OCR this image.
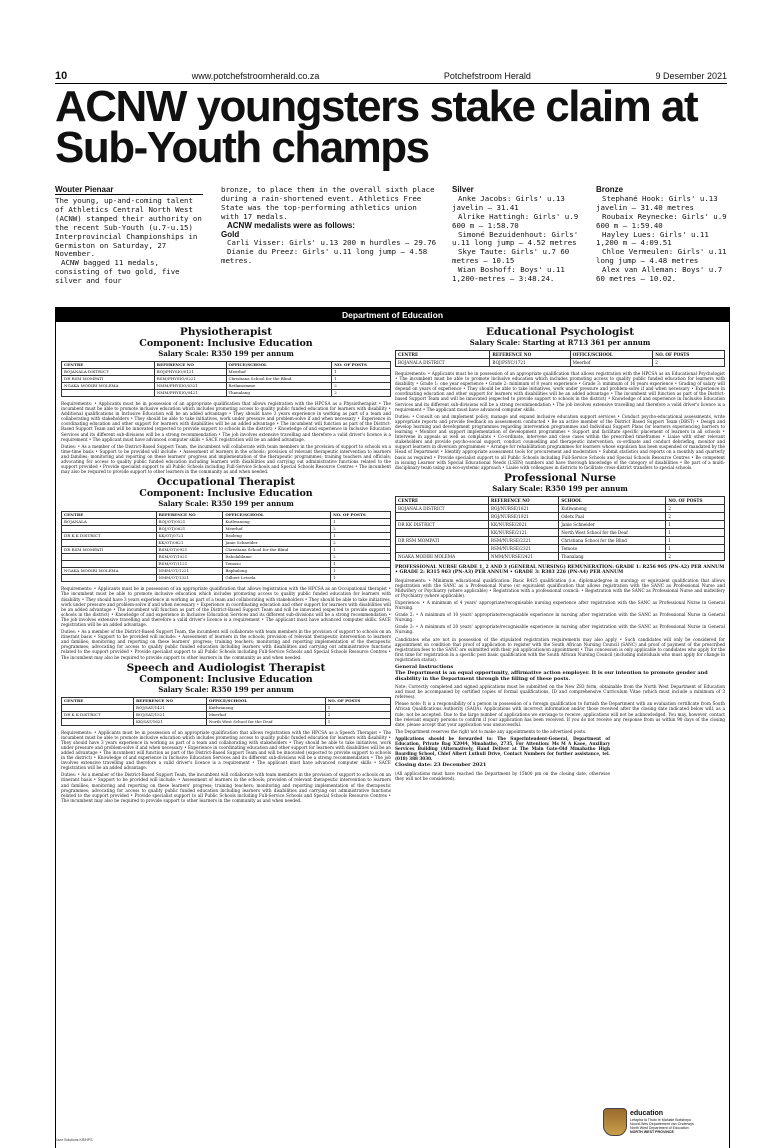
10	www.potchefstroomherald.co.za	Potchefstroom Herald	9 Desember 2021
ACNW youngsters stake claim at Sub-Youth champs
Wouter Pienaar

The young, up-and-coming talent of Athletics Central North West (ACNW) stamped their authority on the recent Sub-Youth (u.7-u.15) Interprovincial Championships in Germiston on Saturday, 27 November.

ACNW bagged 11 medals, consisting of two gold, five silver and four

bronze, to place them in the overall sixth place during a rain-shortened event. Athletics Free State was the top-performing athletics union with 17 medals.

ACNW medalists were as follows:

Gold

Carli Visser: Girls' u.13 200 m hurdles – 29.76

Dianie du Preez: Girls' u.11 long jump – 4.58 metres.

Silver

Anke Jacobs: Girls' u.13 javelin – 31.41

Alrike Hattingh: Girls' u.9 600 m – 1:58.70

Simoné Bezuidenhout: Girls' u.11 long jump – 4.52 metres

Skye Taute: Girls' u.7 60 metres – 10.15

Wian Boshoff: Boys' u.11 1,200-metres – 3:48.24.

Bronze

Stephané Hook: Girls' u.13 javelin – 31.40 metres

Roubaix Reynecke: Girls' u.9 600 m – 1:59.40

Hayley Lues: Girls' u.11 1,200 m – 4:09.51

Chloe Vermeulen: Girls' u.11 long jump – 4.48 metres

Alex van Alleman: Boys' u.7 60 metres – 10.02.

Department of Education
Physiotherapist
Component: Inclusive Education
Salary Scale: R350 199 per annum
CENTRE	REFERENCE NO	OFFICE/SCHOOL	NO. OF POSTS
BOJANALA DISTRICT	BOJ/PHYSIO/0121	Meerhof	1
DR RSM MOMPATI	RSM/PHYSIO/0221	Christiana School for the Blind	1
NGAKA MODIRI MOLEMA	NMM/PHYSIO/0321	Retlamomme	2
	NMM/PHYSIO/0421	Thanalang	2
Requirements: • Applicants must be in possession of an appropriate qualification that allows registration with the HPCSA as a Physiotherapist • The incumbent must be able to promote inclusive education which includes promoting access to quality public funded education for learners with disability • Additional qualifications in Inclusive Education will be an added advantage • They should have 3 years experience in working as part of a team and collaborating with stakeholders • They should be able to take initiatives, work under pressure and problem-solve if and when necessary • Experience in coordinating education and other support for learners with disabilities will be an added advantage • The incumbent will function as part of the District-Based Support Team and will be innovated (expected to provide support to schools in the district) • Knowledge of and experience in Inclusive Education Services and its different sub-divisions will be a strong recommendation • The job involves extensive travelling and therefore a valid driver's licence is a requirement • The applicant must have advanced computer skills • SACE registration will be an added advantage.
Duties: • As a member of the District-Based Support Team, the incumbent will collaborate with team members in the provision of support to schools on a time-time basis • Support to be provided will include: • Assessment of learners in the schools; provision of relevant therapeutic intervention to learners and families; monitoring and reporting on these learners' progress and implementation of the therapeutic programmes; training teachers and officials; advocating for access to quality public funded education including learners with disabilities and carrying out administrative functions related to the support provided • Provide specialist support to all Public Schools including Full-Service Schools and Special Schools Resource Centres • The incumbent may also be required to provide support to other learners in the community as and when needed.
Occupational Therapist
Component: Inclusive Education
Salary Scale: R350 199 per annum
CENTRE	REFERENCE NO	OFFICE/SCHOOL	NO. OF POSTS
BOJANALA	BOJ/OT/0521	Kutlwanong	1
	BOJ/OT/0621	Meerhof	2
DR K K DISTRICT	KK/OT/0721	Itsoleng	1
	KK/OT/0821	Janie Schneider	2
DR RSM MOMPATI	RSM/OT/0921	Christiana School for the Blind	1
	RSM/OT/1021	Itsholahlame	2
	RSM/OT/1121	Temoso	1
NGAKA MODIRI MOLEMA	NMM/OT/1221	Baphalong	1
	NMM/OT/1321	Gilbert Letsela	1
Requirements: • Applicants must be in possession of an appropriate qualification that allows registration with the HPCSA as an Occupational therapist • The incumbent must be able to promote inclusive education which includes promoting access to quality public funded education for learners with disability • They should have 3 years experience in working as part of a team and collaborating with stakeholders • They should be able to take initiatives, work under pressure and problem-solve if and when necessary • Experience in coordinating education and other support for learners with disabilities will be an added advantage • The incumbent will function as part of the District-Based Support Team and will be innovated (expected to provide support to schools in the district) • Knowledge of and experience in Inclusive Education Services and its different sub-divisions will be a strong recommendation • The job involves extensive travelling and therefore a valid driver's licence is a requirement • The applicant must have advanced computer skills. SACE registration will be an added advantage.
Duties: • As a member of the District-Based Support Team, the incumbent will collaborate with team members in the provision of support to schools on an itinerant basis • Support to be provided will include: • Assessment of learners in the schools; provision of relevant therapeutic intervention to learners and families; monitoring and reporting on these learners' progress; training teachers; monitoring and reporting implementation of the therapeutic programmes; advocating for access to quality public funded education including learners with disabilities and carrying out administrative functions related to the support provided • Provide specialist support to all Public Schools including Full-Service Schools and Special Schools Resource Centres • The incumbent may also be required to provide support to other learners in the community as and when needed.
Speech and Audiologist Therapist
Component: Inclusive Education
Salary Scale: R350 199 per annum
CENTRE	REFERENCE NO	OFFICE/SCHOOL	NO. OF POSTS
	BOJ/SAT/1421	Kutlwanong	1
DR K K DISTRICT	BOJ/SAT/1521	Meerhof	2
	KK/SAT/1621	North West School for the Deaf	1
Requirements: • Applicants must be in possession of an appropriate qualification that allows registration with the HPCSA as a Speech Therapist • The incumbent must be able to promote inclusive education which includes promoting access to quality public funded education for learners with disability • They should have 3 years experience in working as part of a team and collaborating with stakeholders • They should be able to take initiatives, work under pressure and problem-solve if and when necessary • Experience in coordinating education and other support for learners with disabilities will be an added advantage • The incumbent will function as part of the District-Based Support Team and will be innovated (expected to provide support to schools in the district) • Knowledge of and experience in Inclusive Education Services and its different sub-divisions will be a strong recommendation • The job involves extensive travelling and therefore a valid driver's licence is a requirement • The applicant must have advanced computer skills • SACE registration will be an added advantage.
Duties: • As a member of the District-Based Support Team, the incumbent will collaborate with team members in the provision of support to schools on an itinerant basis • Support to be provided will include: • Assessment of learners in the schools; provision of relevant therapeutic intervention to learners and families; monitoring and reporting on these learners' progress; training teachers; monitoring and reporting implementation of the therapeutic programmes; advocating for access to quality public funded education including learners with disabilities and carrying out administrative functions related to the support provided • Provide specialist support to all Public Schools including Full-Service Schools and Special Schools Resource Centres • The incumbent may also be required to provide support to other learners in the community as and when needed.
Educational Psychologist
Salary Scale: Starting at R713 361 per annum
CENTRE	REFERENCE NO	OFFICE/SCHOOL	NO. OF POSTS
BOJANALA DISTRICT	BOJ/PSYC/1721	Meerhof	2
Requirements: • Applicants must be in possession of an appropriate qualification that allows registration with the HPCSA as an Educational Psychologist • The incumbent must be able to promote inclusive education which includes promoting access to quality public funded education for learners with disability • Grade 1: one year experience • Grade 2: minimum of 8 years experience • Grade 3: minimum of 16 years experience • Grading of salary will depend on years of experience • They should be able to take initiatives, work under pressure and problem-solve if and when necessary • Experience in coordinating education and other support for learners with disabilities will be an added advantage • The incumbent will function as part of the District-based Support Team and will be innovated (expected to provide support to schools in the district) • Knowledge of and experience in Inclusive Education Services and its different sub-divisions will be a strong recommendation • The job involves extensive travelling and therefore a valid driver's licence is a requirement • The applicant must have advanced computer skills.
Duties: • Consult on and implement policy, manage and expand inclusive education support services • Conduct psycho-educational assessments, write appropriate reports and provide feedback on assessments conducted • Be an active member of the District Based Support Team (DBST) • Design and develop learning and development programmes regarding intervention programmes and Individual Support Plans for learners experiencing barriers to learning • Monitor and support implementation of development programmes • Support and facilitate specific placement of learners in all schools • Intervene in appeals as well as complaints • Co-ordinate, intervene and close cases within the prescribed timeframes • Liaise with other relevant stakeholders and provide psycho-social support, conduct counselling and therapeutic intervention, co-ordinate and conduct debriefing, monitor and support learners in diversion programmes • Arrange for rehabilitation programmes for learners whose expulsion has been suspended or mandated by the Head of Department • Identify appropriate assessment tools for procurement and moderation • Submit statistics and reports on a monthly and quarterly basis as required • Provide specialist support to all Public Schools including Full-Service Schools and Special Schools Resource Centres • Be competent in issuing Learner with Special Educational Needs (LSEN) numbers and have thorough knowledge of the category of disabilities • Be part of a multi-disciplinary team using an eco-systemic approach • Liaise with colleagues in districts to facilitate cross-district transfers to special schools.
Professional Nurse
Salary Scale: R350 199 per annum
CENTRE	REFERENCE NO	SCHOOL	NO. OF POSTS
BOJANALA DISTRICT	BOJ/NURSE/1821	Kutlwanong	2
	BOJ/NURSE/1921	Odetx Paal	2
DR KK DISTRICT	KK/NURSE/2021	Janie Schneider	1
	KK/NURSE/2121	North West School for the Deaf	1
DR RSM MOMPATI	RSM/NURSE/2221	Christiana School for the Blind	1
	RSM/NURSE/2321	Temoso	1
NGAKA MODIRI MOLEMA	NMM/NURSE/2421	Thanalang	2
PROFESSIONAL NURSE GRADE 1, 2 AND 3 (GENERAL NURSING) REMUNERATION: GRADE 1: R256 905 (PN-A2) PER ANNUM • GRADE 2: R315 963 (PN-A3) PER ANNUM • GRADE 3: R383 226 (PN-A4) PER ANNUM
Requirements: • Minimum educational qualification: Basic R425 qualification (i.e. diploma/degree in nursing) or equivalent qualification that allows registration with the SANC as a Professional Nurse (or equivalent qualification that allows registration with the SANC as Professional Nurse and Midwifery or Psychiatry (where applicable) • Registration with a professional council: • Registration with the SANC as Professional Nurse and midwifery or Psychiatry (where applicable).
Experience: • A minimum of 4 years' appropriate/recognisable nursing experience after registration with the SANC as Professional Nurse in General Nursing.
Grade 2: • A minimum of 10 years' appropriate/recognisable experience in nursing after registration with the SANC as Professional Nurse in General Nursing.
Grade 3: • A minimum of 20 years' appropriate/recognisable experience in nursing after registration with the SANC as Professional Nurse in General Nursing.
Candidates who are not in possession of the stipulated registration requirements may also apply • Such candidates will only be considered for appointment on condition that proof of application to register with the South African Nursing Council (SANC) and proof of payment of the prescribed registration fees to the SANC are submitted with their job application/on appointment • This concession is only applicable to candidates who apply for the first time for registration in a specific post basic qualification with the South African Nursing Council (including individuals who must apply for change in registration status).
General Instructions
The Department is an equal opportunity, affirmative action employer. It is our intention to promote gender and disability in the Department through the filling of these posts.
Note: Correctly completed and signed applications must be submitted on the New Z83 form, obtainable from the North West Department of Education and must be accompanied by certified copies of formal qualifications, ID and comprehensive Curriculum Vitae (which must include a minimum of 3 referees).
Please note: It is a responsibility of a person in possession of a foreign qualification to furnish the Department with an evaluation certificate from South African Qualifications Authority (SAQA). Applications with incorrect information and/or those received after the closing date indicated below will, as a rule, not be accepted. Due to the large number of applications we envisage to receive, applications will not be acknowledged. You may, however, contact the relevant enquiry persons to confirm if your application has been received. If you do not receive any response from us within 90 days of the closing date, please accept that your application was unsuccessful.
The Department reserves the right not to make any appointments to the advertised posts.
Applications should be forwarded to: The Superintendent-General, Department of Education, Private Bag X2044, Mmabatho, 2735, For Attention: Ms M A Kaoe, Auxiliary Services Building (Alternatively, Hand Deliver at The Main Gate-Old Mmabatho High Boarding School, Chief Albert Luthuli Drive, Contact Numbers for further assistance, tel. (018) 388 3030.
Closing date: 23 December 2021
(All applications must have reached the Department by 15h00 pm on the closing date, otherwise they will not be considered).
education
Lefapha la Thuto le Mahlale Boitshepo
Noord-Wes Departement van Onderwys
North West Department of Education
NORTH WEST PROVINCE
Kane Solutions KR/HPS
